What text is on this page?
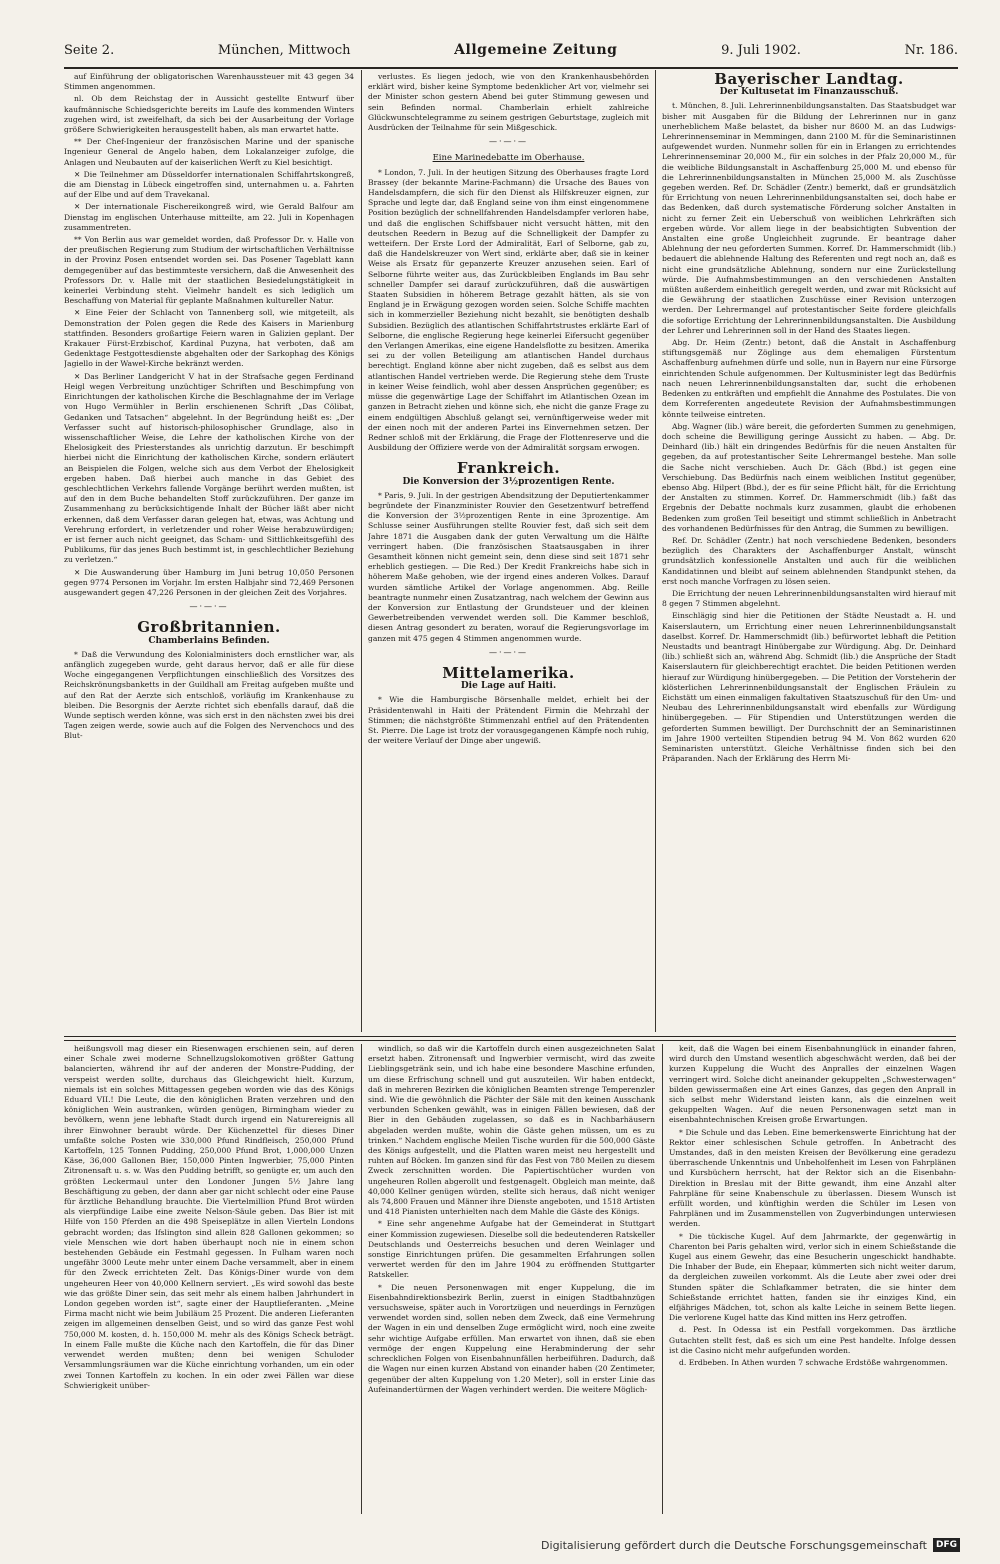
Seite 2.	München, Mittwoch	Allgemeine Zeitung	9. Juli 1902.	Nr. 186.

auf Einführung der obligatorischen Warenhaussteuer mit 43 gegen 34 Stimmen angenommen.

nl. Ob dem Reichstag der in Aussicht gestellte Entwurf über kaufmännische Schiedsgerichte bereits im Laufe des kommenden Winters zugehen wird, ist zweifelhaft, da sich bei der Ausarbeitung der Vorlage größere Schwierigkeiten herausgestellt haben, als man erwartet hatte.

** Der Chef-Ingenieur der französischen Marine und der spanische Ingenieur General de Angelo haben, dem Lokalanzeiger zufolge, die Anlagen und Neubauten auf der kaiserlichen Werft zu Kiel besichtigt.

✕ Die Teilnehmer am Düsseldorfer internationalen Schiffahrtskongreß, die am Dienstag in Lübeck eingetroffen sind, unternahmen u. a. Fahrten auf der Elbe und auf dem Travekanal.

✕ Der internationale Fischereikongreß wird, wie Gerald Balfour am Dienstag im englischen Unterhause mitteilte, am 22. Juli in Kopenhagen zusammentreten.

** Von Berlin aus war gemeldet worden, daß Professor Dr. v. Halle von der preußischen Regierung zum Studium der wirtschaftlichen Verhältnisse in der Provinz Posen entsendet worden sei. Das Posener Tageblatt kann demgegenüber auf das bestimmteste versichern, daß die Anwesenheit des Professors Dr. v. Halle mit der staatlichen Besiedelungstätigkeit in keinerlei Verbindung steht. Vielmehr handelt es sich lediglich um Beschaffung von Material für geplante Maßnahmen kultureller Natur.

✕ Eine Feier der Schlacht von Tannenberg soll, wie mitgeteilt, als Demonstration der Polen gegen die Rede des Kaisers in Marienburg stattfinden. Besonders großartige Feiern waren in Galizien geplant. Der Krakauer Fürst-Erzbischof, Kardinal Puzyna, hat verboten, daß am Gedenktage Festgottesdienste abgehalten oder der Sarkophag des Königs Jagiello in der Wawel-Kirche bekränzt werden.

✕ Das Berliner Landgericht V hat in der Strafsache gegen Ferdinand Heigl wegen Verbreitung unzüchtiger Schriften und Beschimpfung von Einrichtungen der katholischen Kirche die Beschlagnahme der im Verlage von Hugo Vermühler in Berlin erschienenen Schrift „Das Cölibat, Gedanken und Tatsachen“ abgelehnt. In der Begründung heißt es: „Der Verfasser sucht auf historisch-philosophischer Grundlage, also in wissenschaftlicher Weise, die Lehre der katholischen Kirche von der Ehelosigkeit des Priesterstandes als unrichtig darzutun. Er beschimpft hierbei nicht die Einrichtung der katholischen Kirche, sondern erläutert an Beispielen die Folgen, welche sich aus dem Verbot der Ehelosigkeit ergeben haben. Daß hierbei auch manche in das Gebiet des geschlechtlichen Verkehrs fallende Vorgänge berührt werden mußten, ist auf den in dem Buche behandelten Stoff zurückzuführen. Der ganze im Zusammenhang zu berücksichtigende Inhalt der Bücher läßt aber nicht erkennen, daß dem Verfasser daran gelegen hat, etwas, was Achtung und Verehrung erfordert, in verletzender und roher Weise herabzuwürdigen; er ist ferner auch nicht geeignet, das Scham- und Sittlichkeitsgefühl des Publikums, für das jenes Buch bestimmt ist, in geschlechtlicher Beziehung zu verletzen.“

✕ Die Auswanderung über Hamburg im Juni betrug 10,050 Personen gegen 9774 Personen im Vorjahr. Im ersten Halbjahr sind 72,469 Personen ausgewandert gegen 47,226 Personen in der gleichen Zeit des Vorjahres.

—·—·—
Großbritannien.
Chamberlains Befinden.

* Daß die Verwundung des Kolonialministers doch ernstlicher war, als anfänglich zugegeben wurde, geht daraus hervor, daß er alle für diese Woche eingegangenen Verpflichtungen einschließlich des Vorsitzes des Reichskrönungsbanketts in der Guildhall am Freitag aufgeben mußte und auf den Rat der Aerzte sich entschloß, vorläufig im Krankenhause zu bleiben. Die Besorgnis der Aerzte richtet sich ebenfalls darauf, daß die Wunde septisch werden könne, was sich erst in den nächsten zwei bis drei Tagen zeigen werde, sowie auch auf die Folgen des Nervenchocs und des Blut-

verlustes. Es liegen jedoch, wie von den Krankenhausbehörden erklärt wird, bisher keine Symptome bedenklicher Art vor, vielmehr sei der Minister schon gestern Abend bei guter Stimmung gewesen und sein Befinden normal. Chamberlain erhielt zahlreiche Glückwunschtelegramme zu seinem gestrigen Geburtstage, zugleich mit Ausdrücken der Teilnahme für sein Mißgeschick.

—·—·—
Eine Marinedebatte im Oberhause.

* London, 7. Juli. In der heutigen Sitzung des Oberhauses fragte Lord Brassey (der bekannte Marine-Fachmann) die Ursache des Baues von Handelsdampfern, die sich für den Dienst als Hilfskreuzer eignen, zur Sprache und legte dar, daß England seine von ihm einst eingenommene Position bezüglich der schnellfahrenden Handelsdampfer verloren habe, und daß die englischen Schiffsbauer nicht versucht hätten, mit den deutschen Reedern in Bezug auf die Schnelligkeit der Dampfer zu wetteifern. Der Erste Lord der Admiralität, Earl of Selborne, gab zu, daß die Handelskreuzer von Wert sind, erklärte aber, daß sie in keiner Weise als Ersatz für gepanzerte Kreuzer anzusehen seien. Earl of Selborne führte weiter aus, das Zurückbleiben Englands im Bau sehr schneller Dampfer sei darauf zurückzuführen, daß die auswärtigen Staaten Subsidien in höherem Betrage gezahlt hätten, als sie von England je in Erwägung gezogen worden seien. Solche Schiffe machten sich in kommerzieller Beziehung nicht bezahlt, sie benötigten deshalb Subsidien. Bezüglich des atlantischen Schiffahrtstrustes erklärte Earl of Selborne, die englische Regierung hege keinerlei Eifersucht gegenüber den Verlangen Amerikas, eine eigene Handelsflotte zu besitzen. Amerika sei zu der vollen Beteiligung am atlantischen Handel durchaus berechtigt. England könne aber nicht zugeben, daß es selbst aus dem atlantischen Handel vertrieben werde. Die Regierung stehe dem Truste in keiner Weise feindlich, wohl aber dessen Ansprüchen gegenüber; es müsse die gegenwärtige Lage der Schiffahrt im Atlantischen Ozean im ganzen in Betracht ziehen und könne sich, ehe nicht die ganze Frage zu einem endgültigen Abschluß gelangt sei, vernünftigerweise weder mit der einen noch mit der anderen Partei ins Einvernehmen setzen. Der Redner schloß mit der Erklärung, die Frage der Flottenreserve und die Ausbildung der Offiziere werde von der Admiralität sorgsam erwogen.

Frankreich.
Die Konversion der 3½prozentigen Rente.

* Paris, 9. Juli. In der gestrigen Abendsitzung der Deputiertenkammer begründete der Finanzminister Rouvier den Gesetzentwurf betreffend die Konversion der 3½prozentigen Rente in eine 3prozentige. Am Schlusse seiner Ausführungen stellte Rouvier fest, daß sich seit dem Jahre 1871 die Ausgaben dank der guten Verwaltung um die Hälfte verringert haben. (Die französischen Staatsausgaben in ihrer Gesamtheit können nicht gemeint sein, denn diese sind seit 1871 sehr erheblich gestiegen. — Die Red.) Der Kredit Frankreichs habe sich in höherem Maße gehoben, wie der irgend eines anderen Volkes. Darauf wurden sämtliche Artikel der Vorlage angenommen. Abg. Reille beantragte nunmehr einen Zusatzantrag, nach welchem der Gewinn aus der Konversion zur Entlastung der Grundsteuer und der kleinen Gewerbetreibenden verwendet werden soll. Die Kammer beschloß, diesen Antrag gesondert zu beraten, worauf die Regierungsvorlage im ganzen mit 475 gegen 4 Stimmen angenommen wurde.

—·—·—
Mittelamerika.
Die Lage auf Haiti.

* Wie die Hamburgische Börsenhalle meldet, erhielt bei der Präsidentenwahl in Haiti der Prätendent Firmin die Mehrzahl der Stimmen; die nächstgrößte Stimmenzahl entfiel auf den Prätendenten St. Pierre. Die Lage ist trotz der vorausgegangenen Kämpfe noch ruhig, der weitere Verlauf der Dinge aber ungewiß.

Bayerischer Landtag.
Der Kultusetat im Finanzausschuß.

t. München, 8. Juli. Lehrerinnenbildungsanstalten. Das Staatsbudget war bisher mit Ausgaben für die Bildung der Lehrerinnen nur in ganz unerheblichem Maße belastet, da bisher nur 8600 M. an das Ludwigs-Lehrerinnenseminar in Memmingen, dann 2100 M. für die Seminaristinnen aufgewendet wurden. Nunmehr sollen für ein in Erlangen zu errichtendes Lehrerinnenseminar 20,000 M., für ein solches in der Pfalz 20,000 M., für die weibliche Bildungsanstalt in Aschaffenburg 25,000 M. und ebenso für die Lehrerinnenbildungsanstalten in München 25,000 M. als Zuschüsse gegeben werden. Ref. Dr. Schädler (Zentr.) bemerkt, daß er grundsätzlich für Errichtung von neuen Lehrerinnenbildungsanstalten sei, doch habe er das Bedenken, daß durch systematische Förderung solcher Anstalten in nicht zu ferner Zeit ein Ueberschuß von weiblichen Lehrkräften sich ergeben würde. Vor allem liege in der beabsichtigten Subvention der Anstalten eine große Ungleichheit zugrunde. Er beantrage daher Ablehnung der neu geforderten Summen. Korref. Dr. Hammerschmidt (lib.) bedauert die ablehnende Haltung des Referenten und regt noch an, daß es nicht eine grundsätzliche Ablehnung, sondern nur eine Zurückstellung würde. Die Aufnahmsbestimmungen an den verschiedenen Anstalten müßten außerdem einheitlich geregelt werden, und zwar mit Rücksicht auf die Gewährung der staatlichen Zuschüsse einer Revision unterzogen werden. Der Lehrermangel auf protestantischer Seite fordere gleichfalls die sofortige Errichtung der Lehrerinnenbildungsanstalten. Die Ausbildung der Lehrer und Lehrerinnen soll in der Hand des Staates liegen.

Abg. Dr. Heim (Zentr.) betont, daß die Anstalt in Aschaffenburg stiftungsgemäß nur Zöglinge aus dem ehemaligen Fürstentum Aschaffenburg aufnehmen dürfe und solle, nun in Bayern nur eine Fürsorge einrichtenden Schule aufgenommen. Der Kultusminister legt das Bedürfnis nach neuen Lehrerinnenbildungsanstalten dar, sucht die erhobenen Bedenken zu entkräften und empfiehlt die Annahme des Postulates. Die von dem Korreferenten angedeutete Revision der Aufnahmsbestimmungen könnte teilweise eintreten.

Abg. Wagner (lib.) wäre bereit, die geforderten Summen zu genehmigen, doch scheine die Bewilligung geringe Aussicht zu haben. — Abg. Dr. Deinhard (lib.) hält ein dringendes Bedürfnis für die neuen Anstalten für gegeben, da auf protestantischer Seite Lehrermangel bestehe. Man solle die Sache nicht verschieben. Auch Dr. Gäch (Bbd.) ist gegen eine Verschiebung. Das Bedürfnis nach einem weiblichen Institut gegenüber, ebenso Abg. Hilpert (Bbd.), der es für seine Pflicht hält, für die Errichtung der Anstalten zu stimmen. Korref. Dr. Hammerschmidt (lib.) faßt das Ergebnis der Debatte nochmals kurz zusammen, glaubt die erhobenen Bedenken zum großen Teil beseitigt und stimmt schließlich in Anbetracht des vorhandenen Bedürfnisses für den Antrag, die Summen zu bewilligen.

Ref. Dr. Schädler (Zentr.) hat noch verschiedene Bedenken, besonders bezüglich des Charakters der Aschaffenburger Anstalt, wünscht grundsätzlich konfessionelle Anstalten und auch für die weiblichen Kandidatinnen und bleibt auf seinem ablehnenden Standpunkt stehen, da erst noch manche Vorfragen zu lösen seien.

Die Errichtung der neuen Lehrerinnenbildungsanstalten wird hierauf mit 8 gegen 7 Stimmen abgelehnt.

Einschlägig sind hier die Petitionen der Städte Neustadt a. H. und Kaiserslautern, um Errichtung einer neuen Lehrerinnenbildungsanstalt daselbst. Korref. Dr. Hammerschmidt (lib.) befürwortet lebhaft die Petition Neustadts und beantragt Hinübergabe zur Würdigung. Abg. Dr. Deinhard (lib.) schließt sich an, während Abg. Schmidt (lib.) die Ansprüche der Stadt Kaiserslautern für gleichberechtigt erachtet. Die beiden Petitionen werden hierauf zur Würdigung hinübergegeben. — Die Petition der Vorsteherin der klösterlichen Lehrerinnenbildungsanstalt der Englischen Fräulein zu Eichstätt um einen einmaligen fakultativen Staatszuschuß für den Um- und Neubau des Lehrerinnenbildungsanstalt wird ebenfalls zur Würdigung hinübergegeben. — Für Stipendien und Unterstützungen werden die geforderten Summen bewilligt. Der Durchschnitt der an Seminaristinnen im Jahre 1900 verteilten Stipendien betrug 94 M. Von 862 wurden 620 Seminaristen unterstützt. Gleiche Verhältnisse finden sich bei den Präparanden. Nach der Erklärung des Herrn Mi-

heißungsvoll mag dieser ein Riesenwagen erschienen sein, auf deren einer Schale zwei moderne Schnellzugslokomotiven größter Gattung balancierten, während ihr auf der anderen der Monstre-Pudding, der verspeist werden sollte, durchaus das Gleichgewicht hielt. Kurzum, niemals ist ein solches Mittagessen gegeben worden wie das des Königs Eduard VII.! Die Leute, die den königlichen Braten verzehren und den königlichen Wein austranken, würden genügen, Birmingham wieder zu bevölkern, wenn jene lebhafte Stadt durch irgend ein Naturereignis all ihrer Einwohner beraubt würde. Der Küchenzettel für dieses Diner umfaßte solche Posten wie 330,000 Pfund Rindfleisch, 250,000 Pfund Kartoffeln, 125 Tonnen Pudding, 250,000 Pfund Brot, 1,000,000 Unzen Käse, 36,000 Gallonen Bier, 150,000 Pinten Ingwerbier, 75,000 Pinten Zitronensaft u. s. w. Was den Pudding betrifft, so genügte er, um auch den größten Leckermaul unter den Londoner Jungen 5½ Jahre lang Beschäftigung zu geben, der dann aber gar nicht schlecht oder eine Pause für ärztliche Behandlung brauchte. Die Viertelmillion Pfund Brot würden als vierpfündige Laibe eine zweite Nelson-Säule geben. Das Bier ist mit Hilfe von 150 Pferden an die 498 Speiseplätze in allen Vierteln Londons gebracht worden; das Ifslington sind allein 828 Gallonen gekommen; so viele Menschen wie dort haben überhaupt noch nie in einem schon bestehenden Gebäude ein Festmahl gegessen. In Fulham waren noch ungefähr 3000 Leute mehr unter einem Dache versammelt, aber in einem für den Zweck errichteten Zelt. Das Königs-Diner wurde von dem ungeheuren Heer von 40,000 Kellnern serviert. „Es wird sowohl das beste wie das größte Diner sein, das seit mehr als einem halben Jahrhundert in London gegeben worden ist“, sagte einer der Hauptlieferanten. „Meine Firma macht nicht wie beim Jubiläum 25 Prozent. Die anderen Lieferanten zeigen im allgemeinen denselben Geist, und so wird das ganze Fest wohl 750,000 M. kosten, d. h. 150,000 M. mehr als des Königs Scheck beträgt. In einem Falle mußte die Küche nach den Kartoffeln, die für das Diner verwendet werden mußten; denn bei wenigen Schuloder Versammlungsräumen war die Küche einrichtung vorhanden, um ein oder zwei Tonnen Kartoffeln zu kochen. In ein oder zwei Fällen war diese Schwierigkeit unüber-

windlich, so daß wir die Kartoffeln durch einen ausgezeichneten Salat ersetzt haben. Zitronensaft und Ingwerbier vermischt, wird das zweite Lieblingsgetränk sein, und ich habe eine besondere Maschine erfunden, um diese Erfrischung schnell und gut auszuteilen. Wir haben entdeckt, daß in mehreren Bezirken die königlichen Beamten strenge Temperenzler sind. Wie die gewöhnlich die Pächter der Säle mit den keinen Ausschank verbunden Schenken gewählt, was in einigen Fällen bewiesen, daß der Bier in den Gebäuden zugelassen, so daß es in Nachbarhäusern abgeladen werden mußte, wohin die Gäste gehen müssen, um es zu trinken.“ Nachdem englische Meilen Tische wurden für die 500,000 Gäste des Königs aufgestellt, und die Platten waren meist neu hergestellt und ruhten auf Böcken. Im ganzen sind für das Fest von 780 Meilen zu diesem Zweck zerschnitten worden. Die Papiertischtücher wurden von ungeheuren Rollen abgerollt und festgenagelt. Obgleich man meinte, daß 40,000 Kellner genügen würden, stellte sich heraus, daß nicht weniger als 74,800 Frauen und Männer ihre Dienste angeboten, und 1518 Artisten und 418 Pianisten unterhielten nach dem Mahle die Gäste des Königs.

* Eine sehr angenehme Aufgabe hat der Gemeinderat in Stuttgart einer Kommission zugewiesen. Dieselbe soll die bedeutenderen Ratskeller Deutschlands und Oesterreichs besuchen und deren Weinlager und sonstige Einrichtungen prüfen. Die gesammelten Erfahrungen sollen verwertet werden für den im Jahre 1904 zu eröffnenden Stuttgarter Ratskeller.

* Die neuen Personenwagen mit enger Kuppelung, die im Eisenbahndirektionsbezirk Berlin, zuerst in einigen Stadtbahnzügen versuchsweise, später auch in Vorortzügen und neuerdings in Fernzügen verwendet worden sind, sollen neben dem Zweck, daß eine Vermehrung der Wagen in ein und denselben Zuge ermöglicht wird, noch eine zweite sehr wichtige Aufgabe erfüllen. Man erwartet von ihnen, daß sie eben vermöge der engen Kuppelung eine Herabminderung der sehr schrecklichen Folgen von Eisenbahnunfällen herbeiführen. Dadurch, daß die Wagen nur einen kurzen Abstand von einander haben (20 Zentimeter, gegenüber der alten Kuppelung von 1.20 Meter), soll in erster Linie das Aufeinandertürmen der Wagen verhindert werden. Die weitere Möglich-

keit, daß die Wagen bei einem Eisenbahnunglück in einander fahren, wird durch den Umstand wesentlich abgeschwächt werden, daß bei der kurzen Kuppelung die Wucht des Anpralles der einzelnen Wagen verringert wird. Solche dicht aneinander gekuppelten „Schwesterwagen“ bilden gewissermaßen eine Art eines Ganzes, das gegen den Anprall in sich selbst mehr Widerstand leisten kann, als die einzelnen weit gekuppelten Wagen. Auf die neuen Personenwagen setzt man in eisenbahntechnischen Kreisen große Erwartungen.

* Die Schule und das Leben. Eine bemerkenswerte Einrichtung hat der Rektor einer schlesischen Schule getroffen. In Anbetracht des Umstandes, daß in den meisten Kreisen der Bevölkerung eine geradezu überraschende Unkenntnis und Unbeholfenheit im Lesen von Fahrplänen und Kursbüchern herrscht, hat der Rektor sich an die Eisenbahn-Direktion in Breslau mit der Bitte gewandt, ihm eine Anzahl alter Fahrpläne für seine Knabenschule zu überlassen. Diesem Wunsch ist erfüllt worden, und künftighin werden die Schüler im Lesen von Fahrplänen und im Zusammenstellen von Zugverbindungen unterwiesen werden.

* Die tückische Kugel. Auf dem Jahrmarkte, der gegenwärtig in Charenton bei Paris gehalten wird, verlor sich in einem Schießstande die Kugel aus einem Gewehr, das eine Besucherin ungeschickt handhabte. Die Inhaber der Bude, ein Ehepaar, kümmerten sich nicht weiter darum, da dergleichen zuweilen vorkommt. Als die Leute aber zwei oder drei Stunden später die Schlafkammer betraten, die sie hinter dem Schießstande errichtet hatten, fanden sie ihr einziges Kind, ein elfjähriges Mädchen, tot, schon als kalte Leiche in seinem Bette liegen. Die verlorene Kugel hatte das Kind mitten ins Herz getroffen.

d. Pest. In Odessa ist ein Pestfall vorgekommen. Das ärztliche Gutachten stellt fest, daß es sich um eine Pest handelte. Infolge dessen ist die Casino nicht mehr aufgefunden worden.

d. Erdbeben. In Athen wurden 7 schwache Erdstöße wahrgenommen.

Digitalisierung gefördert durch die Deutsche Forschungsgemeinschaft	DFG
